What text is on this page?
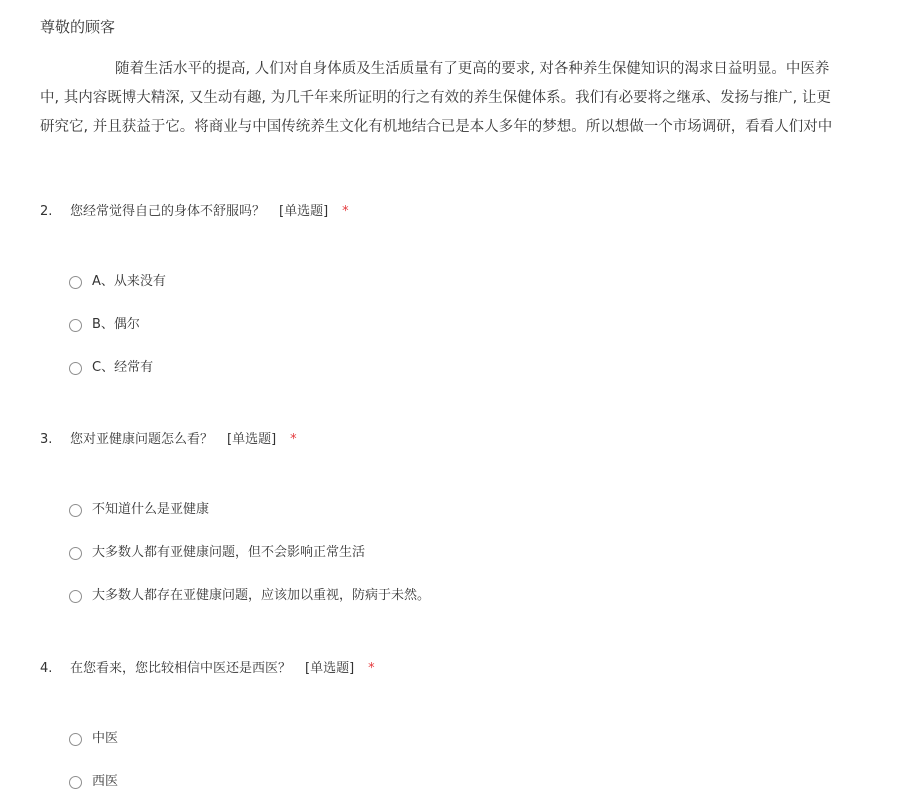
尊敬的顾客
随着生活水平的提高, 人们对自身体质及生活质量有了更高的要求, 对各种养生保健知识的渴求日益明显。中医养
中, 其内容既博大精深, 又生动有趣, 为几千年来所证明的行之有效的养生保健体系。我们有必要将之继承、发扬与推广, 让更
研究它, 并且获益于它。将商业与中国传统养生文化有机地结合已是本人多年的梦想。所以想做一个市场调研，看看人们对中
2. 您经常觉得自己的身体不舒服吗？ [单选题] *
A、从来没有
B、偶尔
C、经常有
3. 您对亚健康问题怎么看？ [单选题] *
不知道什么是亚健康
大多数人都有亚健康问题，但不会影响正常生活
大多数人都存在亚健康问题，应该加以重视，防病于未然。
4. 在您看来，您比较相信中医还是西医？ [单选题] *
中医
西医
